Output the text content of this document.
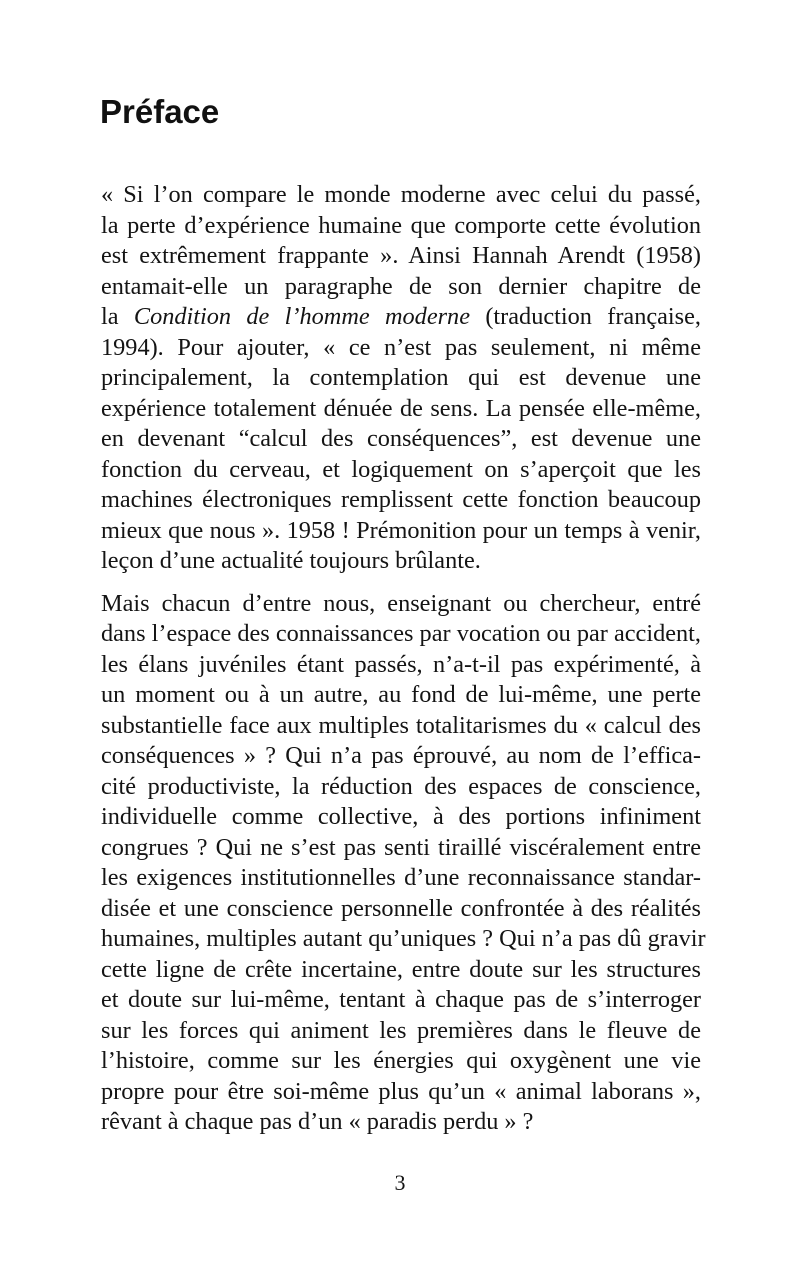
Préface

« Si l’on compare le monde moderne avec celui du passé,
la perte d’expérience humaine que comporte cette évolution
est extrêmement frappante ». Ainsi Hannah Arendt (1958)
entamait-elle un paragraphe de son dernier chapitre de
la Condition de l’homme moderne (traduction française,
1994). Pour ajouter, « ce n’est pas seulement, ni même
principalement, la contemplation qui est devenue une
expérience totalement dénuée de sens. La pensée elle-même,
en devenant “calcul des conséquences”, est devenue une
fonction du cerveau, et logiquement on s’aperçoit que les
machines électroniques remplissent cette fonction beaucoup
mieux que nous ». 1958 ! Prémonition pour un temps à venir,
leçon d’une actualité toujours brûlante.

Mais chacun d’entre nous, enseignant ou chercheur, entré
dans l’espace des connaissances par vocation ou par accident,
les élans juvéniles étant passés, n’a-t-il pas expérimenté, à
un moment ou à un autre, au fond de lui-même, une perte
substantielle face aux multiples totalitarismes du « calcul des
conséquences » ? Qui n’a pas éprouvé, au nom de l’effica-
cité productiviste, la réduction des espaces de conscience,
individuelle comme collective, à des portions infiniment
congrues ? Qui ne s’est pas senti tiraillé viscéralement entre
les exigences institutionnelles d’une reconnaissance standar-
disée et une conscience personnelle confrontée à des réalités
humaines, multiples autant qu’uniques ? Qui n’a pas dû gravir
cette ligne de crête incertaine, entre doute sur les structures
et doute sur lui-même, tentant à chaque pas de s’interroger
sur les forces qui animent les premières dans le fleuve de
l’histoire, comme sur les énergies qui oxygènent une vie
propre pour être soi-même plus qu’un « animal laborans »,
rêvant à chaque pas d’un « paradis perdu » ?

3
